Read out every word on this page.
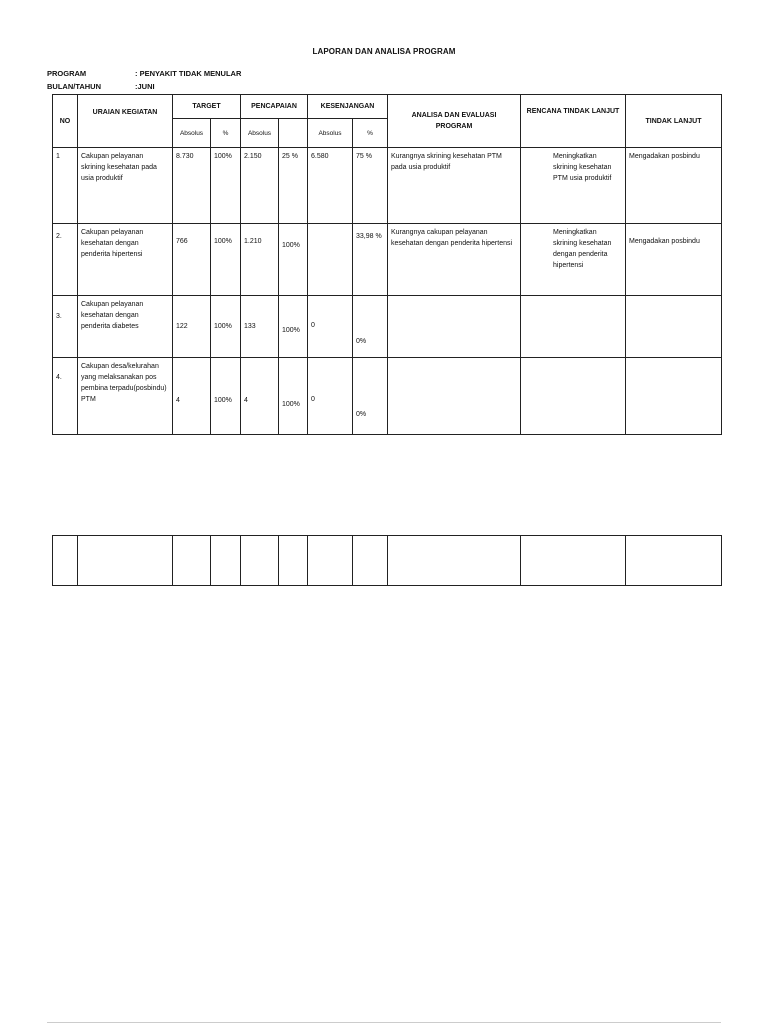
LAPORAN DAN ANALISA PROGRAM
PROGRAM	: PENYAKIT TIDAK MENULAR
BULAN/TAHUN	:JUNI
NO	URAIAN KEGIATAN	TARGET		PENCAPAIAN		KESENJANGAN		ANALISA DAN EVALUASI PROGRAM	RENCANA TINDAK LANJUT	TINDAK LANJUT
		Absolus	%	Absolus		Absolus	%			
1	Cakupan pelayanan skrining kesehatan pada usia produktif	8.730	100%	2.150	25 %	6.580	75 %	Kurangnya skrining kesehatan PTM pada usia produktif	Meningkatkan skrining kesehatan PTM usia produktif	Mengadakan posbindu

2.	Cakupan pelayanan kesehatan dengan penderita hipertensi	766	100%	1.210	100%		33,98 %	Kurangnya cakupan pelayanan kesehatan dengan penderita hipertensi	Meningkatkan skrining kesehatan dengan penderita hipertensi	Mengadakan posbindu

3.	Cakupan pelayanan kesehatan dengan penderita diabetes	122	100%	133	100%	0	0%			

4.	Cakupan desa/kelurahan yang melaksanakan pos pembina terpadu(posbindu) PTM	4	100%	4	100%	0	0%			
